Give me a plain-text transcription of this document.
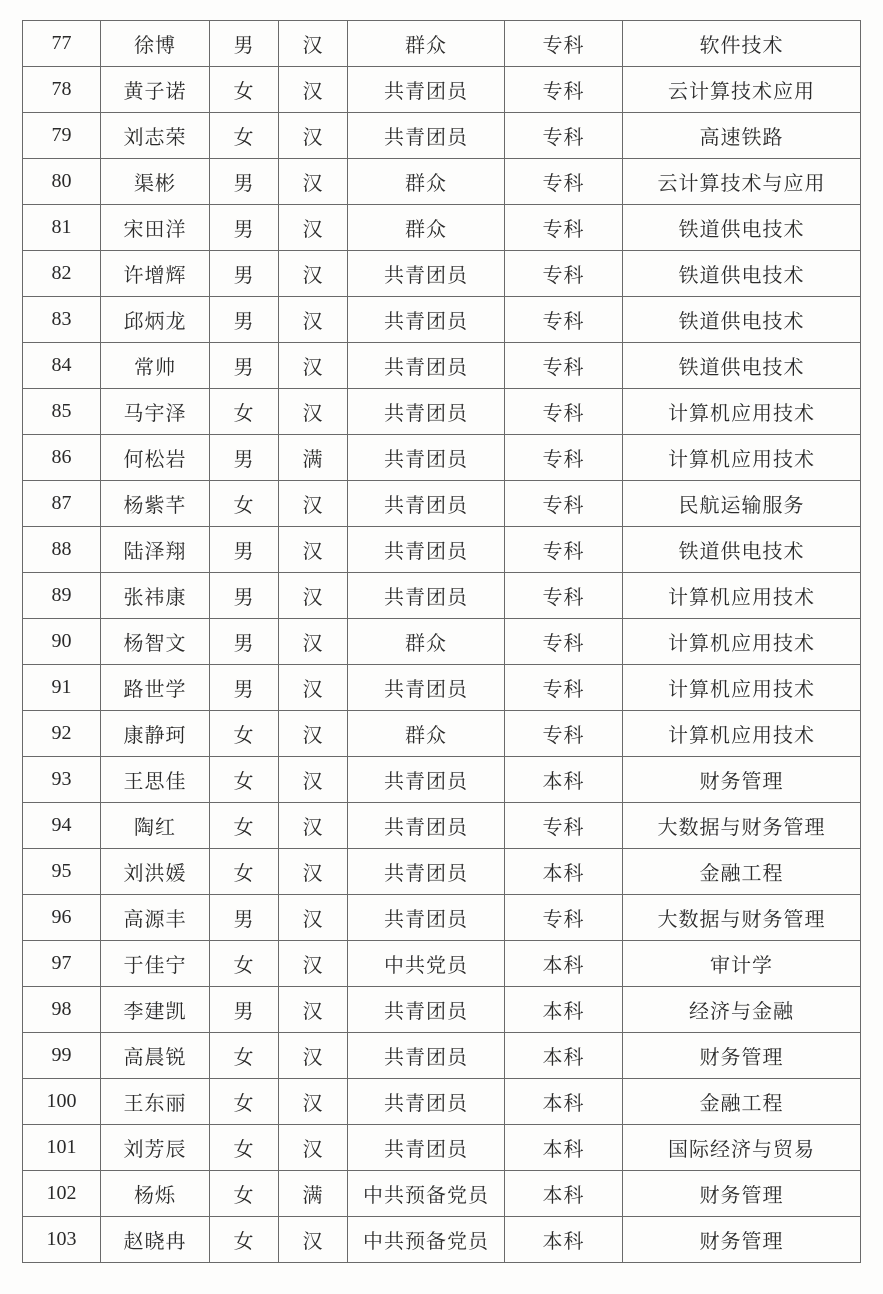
77	徐博	男	汉	群众	专科	软件技术
78	黄子诺	女	汉	共青团员	专科	云计算技术应用
79	刘志荣	女	汉	共青团员	专科	高速铁路
80	渠彬	男	汉	群众	专科	云计算技术与应用
81	宋田洋	男	汉	群众	专科	铁道供电技术
82	许增辉	男	汉	共青团员	专科	铁道供电技术
83	邱炳龙	男	汉	共青团员	专科	铁道供电技术
84	常帅	男	汉	共青团员	专科	铁道供电技术
85	马宇泽	女	汉	共青团员	专科	计算机应用技术
86	何松岩	男	满	共青团员	专科	计算机应用技术
87	杨紫芊	女	汉	共青团员	专科	民航运输服务
88	陆泽翔	男	汉	共青团员	专科	铁道供电技术
89	张祎康	男	汉	共青团员	专科	计算机应用技术
90	杨智文	男	汉	群众	专科	计算机应用技术
91	路世学	男	汉	共青团员	专科	计算机应用技术
92	康静珂	女	汉	群众	专科	计算机应用技术
93	王思佳	女	汉	共青团员	本科	财务管理
94	陶红	女	汉	共青团员	专科	大数据与财务管理
95	刘洪媛	女	汉	共青团员	本科	金融工程
96	高源丰	男	汉	共青团员	专科	大数据与财务管理
97	于佳宁	女	汉	中共党员	本科	审计学
98	李建凯	男	汉	共青团员	本科	经济与金融
99	高晨锐	女	汉	共青团员	本科	财务管理
100	王东丽	女	汉	共青团员	本科	金融工程
101	刘芳辰	女	汉	共青团员	本科	国际经济与贸易
102	杨烁	女	满	中共预备党员	本科	财务管理
103	赵晓冉	女	汉	中共预备党员	本科	财务管理
